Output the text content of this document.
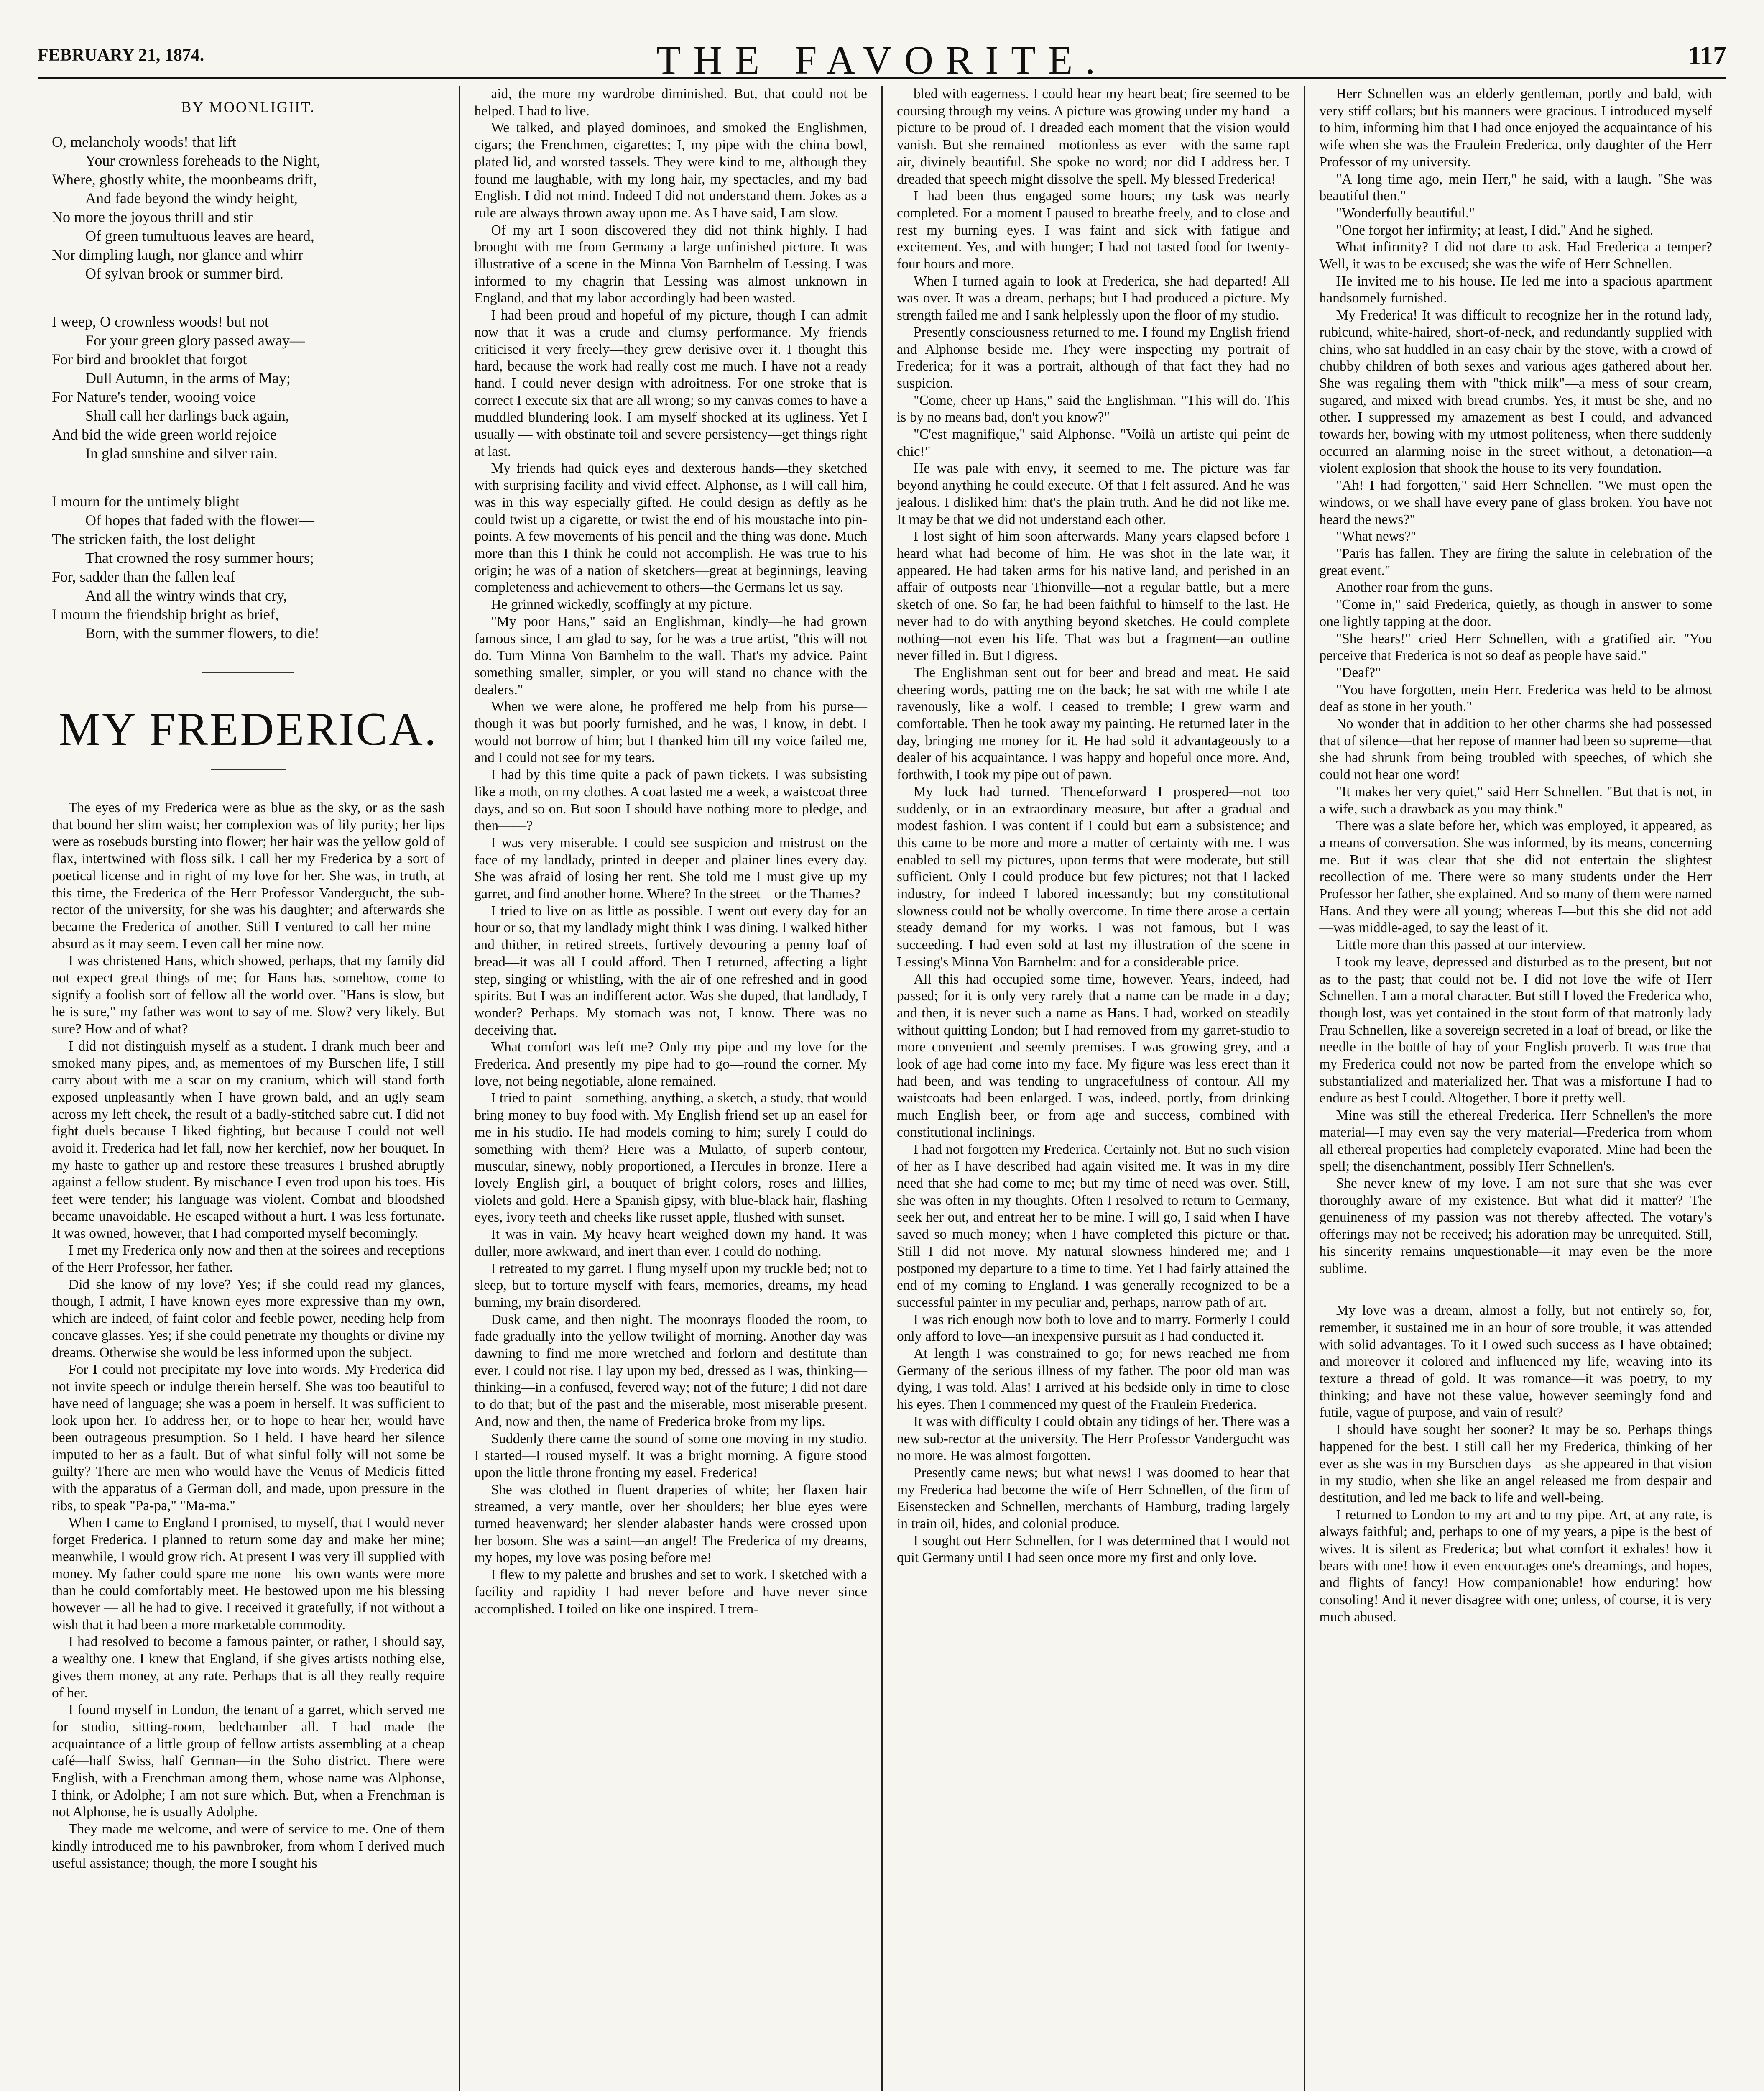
FEBRUARY 21, 1874.	THE FAVORITE.	117
BY MOONLIGHT.
O, melancholy woods! that lift
Your crownless foreheads to the Night,
Where, ghostly white, the moonbeams drift,
And fade beyond the windy height,
No more the joyous thrill and stir
Of green tumultuous leaves are heard,
Nor dimpling laugh, nor glance and whirr
Of sylvan brook or summer bird.
I weep, O crownless woods! but not
For your green glory passed away—
For bird and brooklet that forgot
Dull Autumn, in the arms of May;
For Nature's tender, wooing voice
Shall call her darlings back again,
And bid the wide green world rejoice
In glad sunshine and silver rain.
I mourn for the untimely blight
Of hopes that faded with the flower—
The stricken faith, the lost delight
That crowned the rosy summer hours;
For, sadder than the fallen leaf
And all the wintry winds that cry,
I mourn the friendship bright as brief,
Born, with the summer flowers, to die!
MY FREDERICA.

The eyes of my Frederica were as blue as the sky, or as the sash that bound her slim waist; her complexion was of lily purity; her lips were as rosebuds bursting into flower; her hair was the yellow gold of flax, intertwined with floss silk. I call her my Frederica by a sort of poetical license and in right of my love for her. She was, in truth, at this time, the Frederica of the Herr Professor Vandergucht, the sub-rector of the university, for she was his daughter; and afterwards she became the Frederica of another. Still I ventured to call her mine—absurd as it may seem. I even call her mine now.

I was christened Hans, which showed, perhaps, that my family did not expect great things of me; for Hans has, somehow, come to signify a foolish sort of fellow all the world over. "Hans is slow, but he is sure," my father was wont to say of me. Slow? very likely. But sure? How and of what?

I did not distinguish myself as a student. I drank much beer and smoked many pipes, and, as mementoes of my Burschen life, I still carry about with me a scar on my cranium, which will stand forth exposed unpleasantly when I have grown bald, and an ugly seam across my left cheek, the result of a badly-stitched sabre cut. I did not fight duels because I liked fighting, but because I could not well avoid it. Frederica had let fall, now her kerchief, now her bouquet. In my haste to gather up and restore these treasures I brushed abruptly against a fellow student. By mischance I even trod upon his toes. His feet were tender; his language was violent. Combat and bloodshed became unavoidable. He escaped without a hurt. I was less fortunate. It was owned, however, that I had comported myself becomingly.

I met my Frederica only now and then at the soirees and receptions of the Herr Professor, her father.

Did she know of my love? Yes; if she could read my glances, though, I admit, I have known eyes more expressive than my own, which are indeed, of faint color and feeble power, needing help from concave glasses. Yes; if she could penetrate my thoughts or divine my dreams. Otherwise she would be less informed upon the subject.

For I could not precipitate my love into words. My Frederica did not invite speech or indulge therein herself. She was too beautiful to have need of language; she was a poem in herself. It was sufficient to look upon her. To address her, or to hope to hear her, would have been outrageous presumption. So I held. I have heard her silence imputed to her as a fault. But of what sinful folly will not some be guilty? There are men who would have the Venus of Medicis fitted with the apparatus of a German doll, and made, upon pressure in the ribs, to speak "Pa-pa," "Ma-ma."

When I came to England I promised, to myself, that I would never forget Frederica. I planned to return some day and make her mine; meanwhile, I would grow rich. At present I was very ill supplied with money. My father could spare me none—his own wants were more than he could comfortably meet. He bestowed upon me his blessing however — all he had to give. I received it gratefully, if not without a wish that it had been a more marketable commodity.

I had resolved to become a famous painter, or rather, I should say, a wealthy one. I knew that England, if she gives artists nothing else, gives them money, at any rate. Perhaps that is all they really require of her.

I found myself in London, the tenant of a garret, which served me for studio, sitting-room, bedchamber—all. I had made the acquaintance of a little group of fellow artists assembling at a cheap café—half Swiss, half German—in the Soho district. There were English, with a Frenchman among them, whose name was Alphonse, I think, or Adolphe; I am not sure which. But, when a Frenchman is not Alphonse, he is usually Adolphe.

They made me welcome, and were of service to me. One of them kindly introduced me to his pawnbroker, from whom I derived much useful assistance; though, the more I sought his

aid, the more my wardrobe diminished. But, that could not be helped. I had to live.

We talked, and played dominoes, and smoked the Englishmen, cigars; the Frenchmen, cigarettes; I, my pipe with the china bowl, plated lid, and worsted tassels. They were kind to me, although they found me laughable, with my long hair, my spectacles, and my bad English. I did not mind. Indeed I did not understand them. Jokes as a rule are always thrown away upon me. As I have said, I am slow.

Of my art I soon discovered they did not think highly. I had brought with me from Germany a large unfinished picture. It was illustrative of a scene in the Minna Von Barnhelm of Lessing. I was informed to my chagrin that Lessing was almost unknown in England, and that my labor accordingly had been wasted.

I had been proud and hopeful of my picture, though I can admit now that it was a crude and clumsy performance. My friends criticised it very freely—they grew derisive over it. I thought this hard, because the work had really cost me much. I have not a ready hand. I could never design with adroitness. For one stroke that is correct I execute six that are all wrong; so my canvas comes to have a muddled blundering look. I am myself shocked at its ugliness. Yet I usually — with obstinate toil and severe persistency—get things right at last.

My friends had quick eyes and dexterous hands—they sketched with surprising facility and vivid effect. Alphonse, as I will call him, was in this way especially gifted. He could design as deftly as he could twist up a cigarette, or twist the end of his moustache into pin-points. A few movements of his pencil and the thing was done. Much more than this I think he could not accomplish. He was true to his origin; he was of a nation of sketchers—great at beginnings, leaving completeness and achievement to others—the Germans let us say.

He grinned wickedly, scoffingly at my picture.

"My poor Hans," said an Englishman, kindly—he had grown famous since, I am glad to say, for he was a true artist, "this will not do. Turn Minna Von Barnhelm to the wall. That's my advice. Paint something smaller, simpler, or you will stand no chance with the dealers."

When we were alone, he proffered me help from his purse—though it was but poorly furnished, and he was, I know, in debt. I would not borrow of him; but I thanked him till my voice failed me, and I could not see for my tears.

I had by this time quite a pack of pawn tickets. I was subsisting like a moth, on my clothes. A coat lasted me a week, a waistcoat three days, and so on. But soon I should have nothing more to pledge, and then——?

I was very miserable. I could see suspicion and mistrust on the face of my landlady, printed in deeper and plainer lines every day. She was afraid of losing her rent. She told me I must give up my garret, and find another home. Where? In the street—or the Thames?

I tried to live on as little as possible. I went out every day for an hour or so, that my landlady might think I was dining. I walked hither and thither, in retired streets, furtively devouring a penny loaf of bread—it was all I could afford. Then I returned, affecting a light step, singing or whistling, with the air of one refreshed and in good spirits. But I was an indifferent actor. Was she duped, that landlady, I wonder? Perhaps. My stomach was not, I know. There was no deceiving that.

What comfort was left me? Only my pipe and my love for the Frederica. And presently my pipe had to go—round the corner. My love, not being negotiable, alone remained.

I tried to paint—something, anything, a sketch, a study, that would bring money to buy food with. My English friend set up an easel for me in his studio. He had models coming to him; surely I could do something with them? Here was a Mulatto, of superb contour, muscular, sinewy, nobly proportioned, a Hercules in bronze. Here a lovely English girl, a bouquet of bright colors, roses and lillies, violets and gold. Here a Spanish gipsy, with blue-black hair, flashing eyes, ivory teeth and cheeks like russet apple, flushed with sunset.

It was in vain. My heavy heart weighed down my hand. It was duller, more awkward, and inert than ever. I could do nothing.

I retreated to my garret. I flung myself upon my truckle bed; not to sleep, but to torture myself with fears, memories, dreams, my head burning, my brain disordered.

Dusk came, and then night. The moonrays flooded the room, to fade gradually into the yellow twilight of morning. Another day was dawning to find me more wretched and forlorn and destitute than ever. I could not rise. I lay upon my bed, dressed as I was, thinking—thinking—in a confused, fevered way; not of the future; I did not dare to do that; but of the past and the miserable, most miserable present. And, now and then, the name of Frederica broke from my lips.

Suddenly there came the sound of some one moving in my studio. I started—I roused myself. It was a bright morning. A figure stood upon the little throne fronting my easel. Frederica!

She was clothed in fluent draperies of white; her flaxen hair streamed, a very mantle, over her shoulders; her blue eyes were turned heavenward; her slender alabaster hands were crossed upon her bosom. She was a saint—an angel! The Frederica of my dreams, my hopes, my love was posing before me!

I flew to my palette and brushes and set to work. I sketched with a facility and rapidity I had never before and have never since accomplished. I toiled on like one inspired. I trem-

bled with eagerness. I could hear my heart beat; fire seemed to be coursing through my veins. A picture was growing under my hand—a picture to be proud of. I dreaded each moment that the vision would vanish. But she remained—motionless as ever—with the same rapt air, divinely beautiful. She spoke no word; nor did I address her. I dreaded that speech might dissolve the spell. My blessed Frederica!

I had been thus engaged some hours; my task was nearly completed. For a moment I paused to breathe freely, and to close and rest my burning eyes. I was faint and sick with fatigue and excitement. Yes, and with hunger; I had not tasted food for twenty-four hours and more.

When I turned again to look at Frederica, she had departed! All was over. It was a dream, perhaps; but I had produced a picture. My strength failed me and I sank helplessly upon the floor of my studio.

Presently consciousness returned to me. I found my English friend and Alphonse beside me. They were inspecting my portrait of Frederica; for it was a portrait, although of that fact they had no suspicion.

"Come, cheer up Hans," said the Englishman. "This will do. This is by no means bad, don't you know?"

"C'est magnifique," said Alphonse. "Voilà un artiste qui peint de chic!"

He was pale with envy, it seemed to me. The picture was far beyond anything he could execute. Of that I felt assured. And he was jealous. I disliked him: that's the plain truth. And he did not like me. It may be that we did not understand each other.

I lost sight of him soon afterwards. Many years elapsed before I heard what had become of him. He was shot in the late war, it appeared. He had taken arms for his native land, and perished in an affair of outposts near Thionville—not a regular battle, but a mere sketch of one. So far, he had been faithful to himself to the last. He never had to do with anything beyond sketches. He could complete nothing—not even his life. That was but a fragment—an outline never filled in. But I digress.

The Englishman sent out for beer and bread and meat. He said cheering words, patting me on the back; he sat with me while I ate ravenously, like a wolf. I ceased to tremble; I grew warm and comfortable. Then he took away my painting. He returned later in the day, bringing me money for it. He had sold it advantageously to a dealer of his acquaintance. I was happy and hopeful once more. And, forthwith, I took my pipe out of pawn.

My luck had turned. Thenceforward I prospered—not too suddenly, or in an extraordinary measure, but after a gradual and modest fashion. I was content if I could but earn a subsistence; and this came to be more and more a matter of certainty with me. I was enabled to sell my pictures, upon terms that were moderate, but still sufficient. Only I could produce but few pictures; not that I lacked industry, for indeed I labored incessantly; but my constitutional slowness could not be wholly overcome. In time there arose a certain steady demand for my works. I was not famous, but I was succeeding. I had even sold at last my illustration of the scene in Lessing's Minna Von Barnhelm: and for a considerable price.

All this had occupied some time, however. Years, indeed, had passed; for it is only very rarely that a name can be made in a day; and then, it is never such a name as Hans. I had, worked on steadily without quitting London; but I had removed from my garret-studio to more convenient and seemly premises. I was growing grey, and a look of age had come into my face. My figure was less erect than it had been, and was tending to ungracefulness of contour. All my waistcoats had been enlarged. I was, indeed, portly, from drinking much English beer, or from age and success, combined with constitutional inclinings.

I had not forgotten my Frederica. Certainly not. But no such vision of her as I have described had again visited me. It was in my dire need that she had come to me; but my time of need was over. Still, she was often in my thoughts. Often I resolved to return to Germany, seek her out, and entreat her to be mine. I will go, I said when I have saved so much money; when I have completed this picture or that. Still I did not move. My natural slowness hindered me; and I postponed my departure to a time to time. Yet I had fairly attained the end of my coming to England. I was generally recognized to be a successful painter in my peculiar and, perhaps, narrow path of art.

I was rich enough now both to love and to marry. Formerly I could only afford to love—an inexpensive pursuit as I had conducted it.

At length I was constrained to go; for news reached me from Germany of the serious illness of my father. The poor old man was dying, I was told. Alas! I arrived at his bedside only in time to close his eyes. Then I commenced my quest of the Fraulein Frederica.

It was with difficulty I could obtain any tidings of her. There was a new sub-rector at the university. The Herr Professor Vandergucht was no more. He was almost forgotten.

Presently came news; but what news! I was doomed to hear that my Frederica had become the wife of Herr Schnellen, of the firm of Eisenstecken and Schnellen, merchants of Hamburg, trading largely in train oil, hides, and colonial produce.

I sought out Herr Schnellen, for I was determined that I would not quit Germany until I had seen once more my first and only love.

Herr Schnellen was an elderly gentleman, portly and bald, with very stiff collars; but his manners were gracious. I introduced myself to him, informing him that I had once enjoyed the acquaintance of his wife when she was the Fraulein Frederica, only daughter of the Herr Professor of my university.

"A long time ago, mein Herr," he said, with a laugh. "She was beautiful then."

"Wonderfully beautiful."

"One forgot her infirmity; at least, I did." And he sighed.

What infirmity? I did not dare to ask. Had Frederica a temper? Well, it was to be excused; she was the wife of Herr Schnellen.

He invited me to his house. He led me into a spacious apartment handsomely furnished.

My Frederica! It was difficult to recognize her in the rotund lady, rubicund, white-haired, short-of-neck, and redundantly supplied with chins, who sat huddled in an easy chair by the stove, with a crowd of chubby children of both sexes and various ages gathered about her. She was regaling them with "thick milk"—a mess of sour cream, sugared, and mixed with bread crumbs. Yes, it must be she, and no other. I suppressed my amazement as best I could, and advanced towards her, bowing with my utmost politeness, when there suddenly occurred an alarming noise in the street without, a detonation—a violent explosion that shook the house to its very foundation.

"Ah! I had forgotten," said Herr Schnellen. "We must open the windows, or we shall have every pane of glass broken. You have not heard the news?"

"What news?"

"Paris has fallen. They are firing the salute in celebration of the great event."

Another roar from the guns.

"Come in," said Frederica, quietly, as though in answer to some one lightly tapping at the door.

"She hears!" cried Herr Schnellen, with a gratified air. "You perceive that Frederica is not so deaf as people have said."

"Deaf?"

"You have forgotten, mein Herr. Frederica was held to be almost deaf as stone in her youth."

No wonder that in addition to her other charms she had possessed that of silence—that her repose of manner had been so supreme—that she had shrunk from being troubled with speeches, of which she could not hear one word!

"It makes her very quiet," said Herr Schnellen. "But that is not, in a wife, such a drawback as you may think."

There was a slate before her, which was employed, it appeared, as a means of conversation. She was informed, by its means, concerning me. But it was clear that she did not entertain the slightest recollection of me. There were so many students under the Herr Professor her father, she explained. And so many of them were named Hans. And they were all young; whereas I—but this she did not add—was middle-aged, to say the least of it.

Little more than this passed at our interview.

I took my leave, depressed and disturbed as to the present, but not as to the past; that could not be. I did not love the wife of Herr Schnellen. I am a moral character. But still I loved the Frederica who, though lost, was yet contained in the stout form of that matronly lady Frau Schnellen, like a sovereign secreted in a loaf of bread, or like the needle in the bottle of hay of your English proverb. It was true that my Frederica could not now be parted from the envelope which so substantialized and materialized her. That was a misfortune I had to endure as best I could. Altogether, I bore it pretty well.

Mine was still the ethereal Frederica. Herr Schnellen's the more material—I may even say the very material—Frederica from whom all ethereal properties had completely evaporated. Mine had been the spell; the disenchantment, possibly Herr Schnellen's.

She never knew of my love. I am not sure that she was ever thoroughly aware of my existence. But what did it matter? The genuineness of my passion was not thereby affected. The votary's offerings may not be received; his adoration may be unrequited. Still, his sincerity remains unquestionable—it may even be the more sublime.

My love was a dream, almost a folly, but not entirely so, for, remember, it sustained me in an hour of sore trouble, it was attended with solid advantages. To it I owed such success as I have obtained; and moreover it colored and influenced my life, weaving into its texture a thread of gold. It was romance—it was poetry, to my thinking; and have not these value, however seemingly fond and futile, vague of purpose, and vain of result?

I should have sought her sooner? It may be so. Perhaps things happened for the best. I still call her my Frederica, thinking of her ever as she was in my Burschen days—as she appeared in that vision in my studio, when she like an angel released me from despair and destitution, and led me back to life and well-being.

I returned to London to my art and to my pipe. Art, at any rate, is always faithful; and, perhaps to one of my years, a pipe is the best of wives. It is silent as Frederica; but what comfort it exhales! how it bears with one! how it even encourages one's dreamings, and hopes, and flights of fancy! How companionable! how enduring! how consoling! And it never disagree with one; unless, of course, it is very much abused.
